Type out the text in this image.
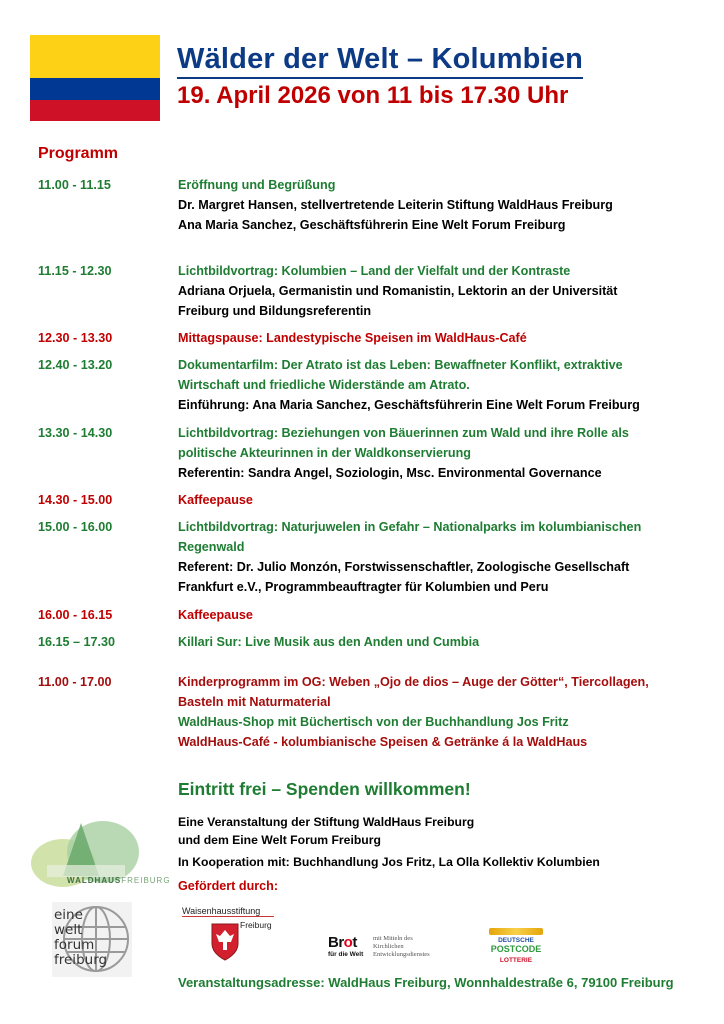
Wälder der Welt – Kolumbien
19. April 2026 von 11 bis 17.30 Uhr
Programm
11.00 - 11.15	Eröffnung und Begrüßung
Dr. Margret Hansen, stellvertretende Leiterin Stiftung WaldHaus Freiburg
Ana Maria Sanchez, Geschäftsführerin Eine Welt Forum Freiburg
11.15 - 12.30	Lichtbildvortrag: Kolumbien – Land der Vielfalt und der Kontraste
Adriana Orjuela, Germanistin und Romanistin, Lektorin an der Universität
Freiburg und Bildungsreferentin
12.30 - 13.30	Mittagspause: Landestypische Speisen im WaldHaus-Café
12.40 - 13.20	Dokumentarfilm: Der Atrato ist das Leben: Bewaffneter Konflikt, extraktive
Wirtschaft und friedliche Widerstände am Atrato.
Einführung: Ana Maria Sanchez, Geschäftsführerin Eine Welt Forum Freiburg
13.30 - 14.30	Lichtbildvortrag: Beziehungen von Bäuerinnen zum Wald und ihre Rolle als
politische Akteurinnen in der Waldkonservierung
Referentin: Sandra Angel, Soziologin, Msc. Environmental Governance
14.30 - 15.00	Kaffeepause
15.00 - 16.00	Lichtbildvortrag: Naturjuwelen in Gefahr – Nationalparks im kolumbianischen
Regenwald
Referent: Dr. Julio Monzón, Forstwissenschaftler, Zoologische Gesellschaft
Frankfurt e.V., Programmbeauftragter für Kolumbien und Peru
16.00 - 16.15	Kaffeepause
16.15 – 17.30	Killari Sur: Live Musik aus den Anden und Cumbia
11.00 - 17.00	Kinderprogramm im OG: Weben „Ojo de dios – Auge der Götter“, Tiercollagen,
Basteln mit Naturmaterial
WaldHaus-Shop mit Büchertisch von der Buchhandlung Jos Fritz
WaldHaus-Café - kolumbianische Speisen & Getränke á la WaldHaus
Eintritt frei – Spenden willkommen!
Eine Veranstaltung der Stiftung WaldHaus Freiburg
und dem Eine Welt Forum Freiburg
In Kooperation mit: Buchhandlung Jos Fritz, La Olla Kollektiv Kolumbien
Gefördert durch:
Veranstaltungsadresse: WaldHaus Freiburg, Wonnhaldestraße 6, 79100 Freiburg
WALDHAUSFREIBURG
eine
welt
forum
freiburg
Waisenhausstiftung
Freiburg
Brot
für die Welt
mit Mitteln des
Kirchlichen
Entwicklungsdienstes
DEUTSCHE
POSTCODE
LOTTERIE
